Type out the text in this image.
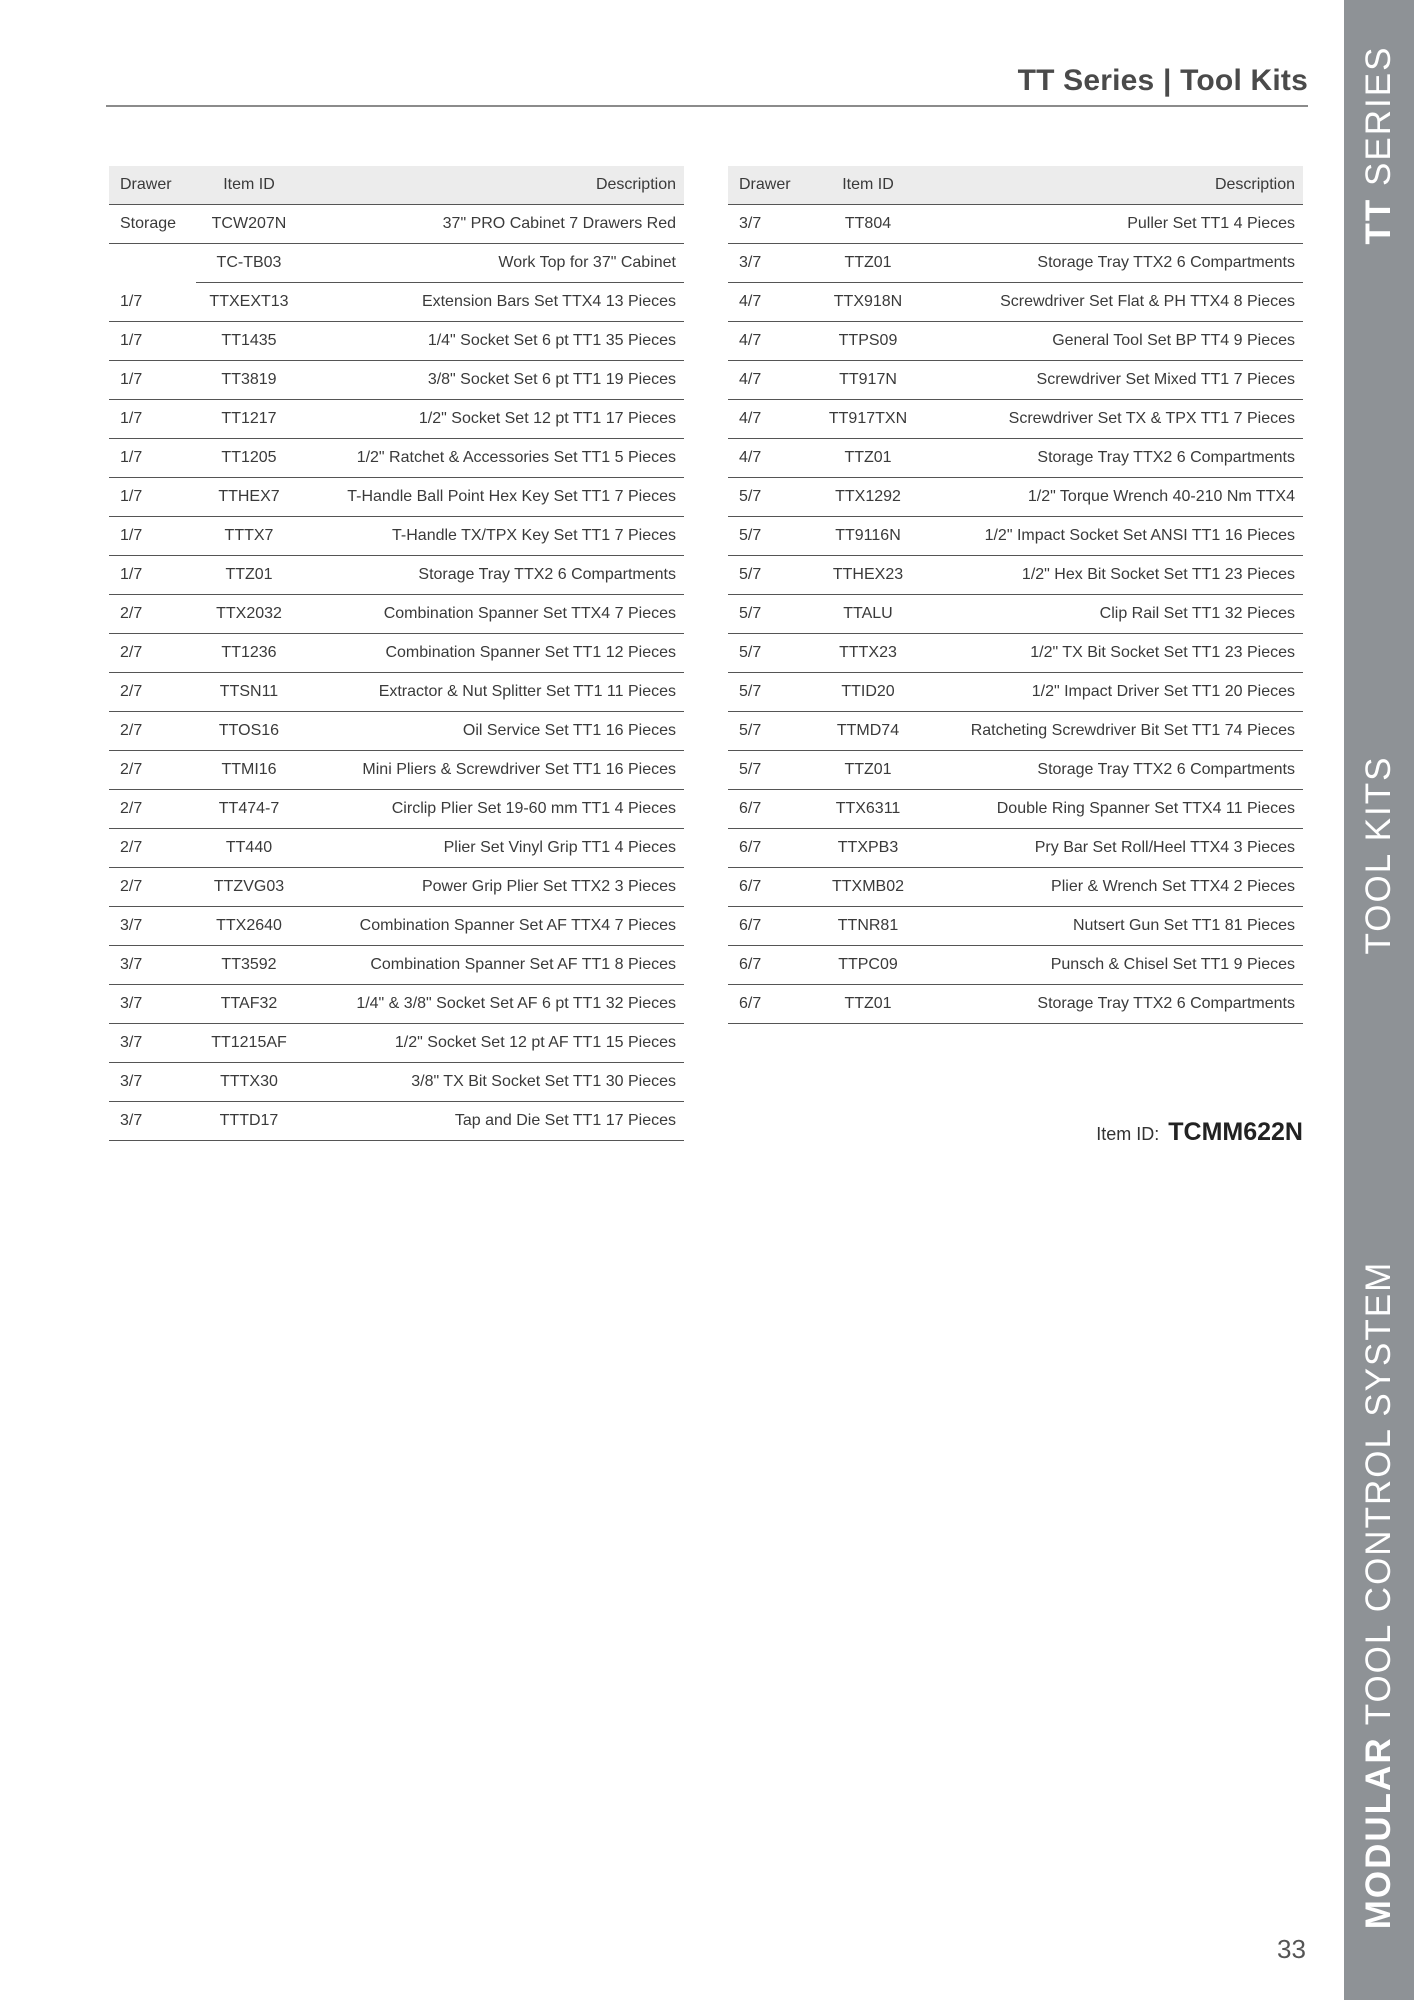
TT Series | Tool Kits
TT SERIES
TOOL KITS
MODULAR TOOL CONTROL SYSTEM
Drawer	Item ID	Description
Storage	TCW207N	37" PRO Cabinet 7 Drawers Red
	TC-TB03	Work Top for 37" Cabinet
1/7	TTXEXT13	Extension Bars Set TTX4 13 Pieces
1/7	TT1435	1/4" Socket Set 6 pt TT1 35 Pieces
1/7	TT3819	3/8" Socket Set 6 pt TT1 19 Pieces
1/7	TT1217	1/2" Socket Set 12 pt TT1 17 Pieces
1/7	TT1205	1/2" Ratchet & Accessories Set TT1 5 Pieces
1/7	TTHEX7	T-Handle Ball Point Hex Key Set TT1 7 Pieces
1/7	TTTX7	T-Handle TX/TPX Key Set TT1 7 Pieces
1/7	TTZ01	Storage Tray TTX2 6 Compartments
2/7	TTX2032	Combination Spanner Set TTX4 7 Pieces
2/7	TT1236	Combination Spanner Set TT1 12 Pieces
2/7	TTSN11	Extractor & Nut Splitter Set TT1 11 Pieces
2/7	TTOS16	Oil Service Set TT1 16 Pieces
2/7	TTMI16	Mini Pliers & Screwdriver Set TT1 16 Pieces
2/7	TT474-7	Circlip Plier Set 19-60 mm TT1 4 Pieces
2/7	TT440	Plier Set Vinyl Grip TT1 4 Pieces
2/7	TTZVG03	Power Grip Plier Set TTX2 3 Pieces
3/7	TTX2640	Combination Spanner Set AF TTX4 7 Pieces
3/7	TT3592	Combination Spanner Set AF TT1 8 Pieces
3/7	TTAF32	1/4" & 3/8" Socket Set AF 6 pt TT1 32 Pieces
3/7	TT1215AF	1/2" Socket Set 12 pt AF TT1 15 Pieces
3/7	TTTX30	3/8" TX Bit Socket Set TT1 30 Pieces
3/7	TTTD17	Tap and Die Set TT1 17 Pieces
Drawer	Item ID	Description
3/7	TT804	Puller Set TT1 4 Pieces
3/7	TTZ01	Storage Tray TTX2 6 Compartments
4/7	TTX918N	Screwdriver Set Flat & PH TTX4 8 Pieces
4/7	TTPS09	General Tool Set BP TT4 9 Pieces
4/7	TT917N	Screwdriver Set Mixed TT1 7 Pieces
4/7	TT917TXN	Screwdriver Set TX & TPX TT1 7 Pieces
4/7	TTZ01	Storage Tray TTX2 6 Compartments
5/7	TTX1292	1/2" Torque Wrench 40-210 Nm TTX4
5/7	TT9116N	1/2" Impact Socket Set ANSI TT1 16 Pieces
5/7	TTHEX23	1/2" Hex Bit Socket Set TT1 23 Pieces
5/7	TTALU	Clip Rail Set TT1 32 Pieces
5/7	TTTX23	1/2" TX Bit Socket Set TT1 23 Pieces
5/7	TTID20	1/2" Impact Driver Set TT1 20 Pieces
5/7	TTMD74	Ratcheting Screwdriver Bit Set TT1 74 Pieces
5/7	TTZ01	Storage Tray TTX2 6 Compartments
6/7	TTX6311	Double Ring Spanner Set TTX4 11 Pieces
6/7	TTXPB3	Pry Bar Set Roll/Heel TTX4 3 Pieces
6/7	TTXMB02	Plier & Wrench Set TTX4 2 Pieces
6/7	TTNR81	Nutsert Gun Set TT1 81 Pieces
6/7	TTPC09	Punsch & Chisel Set TT1 9 Pieces
6/7	TTZ01	Storage Tray TTX2 6 Compartments
Item ID: TCMM622N
33
